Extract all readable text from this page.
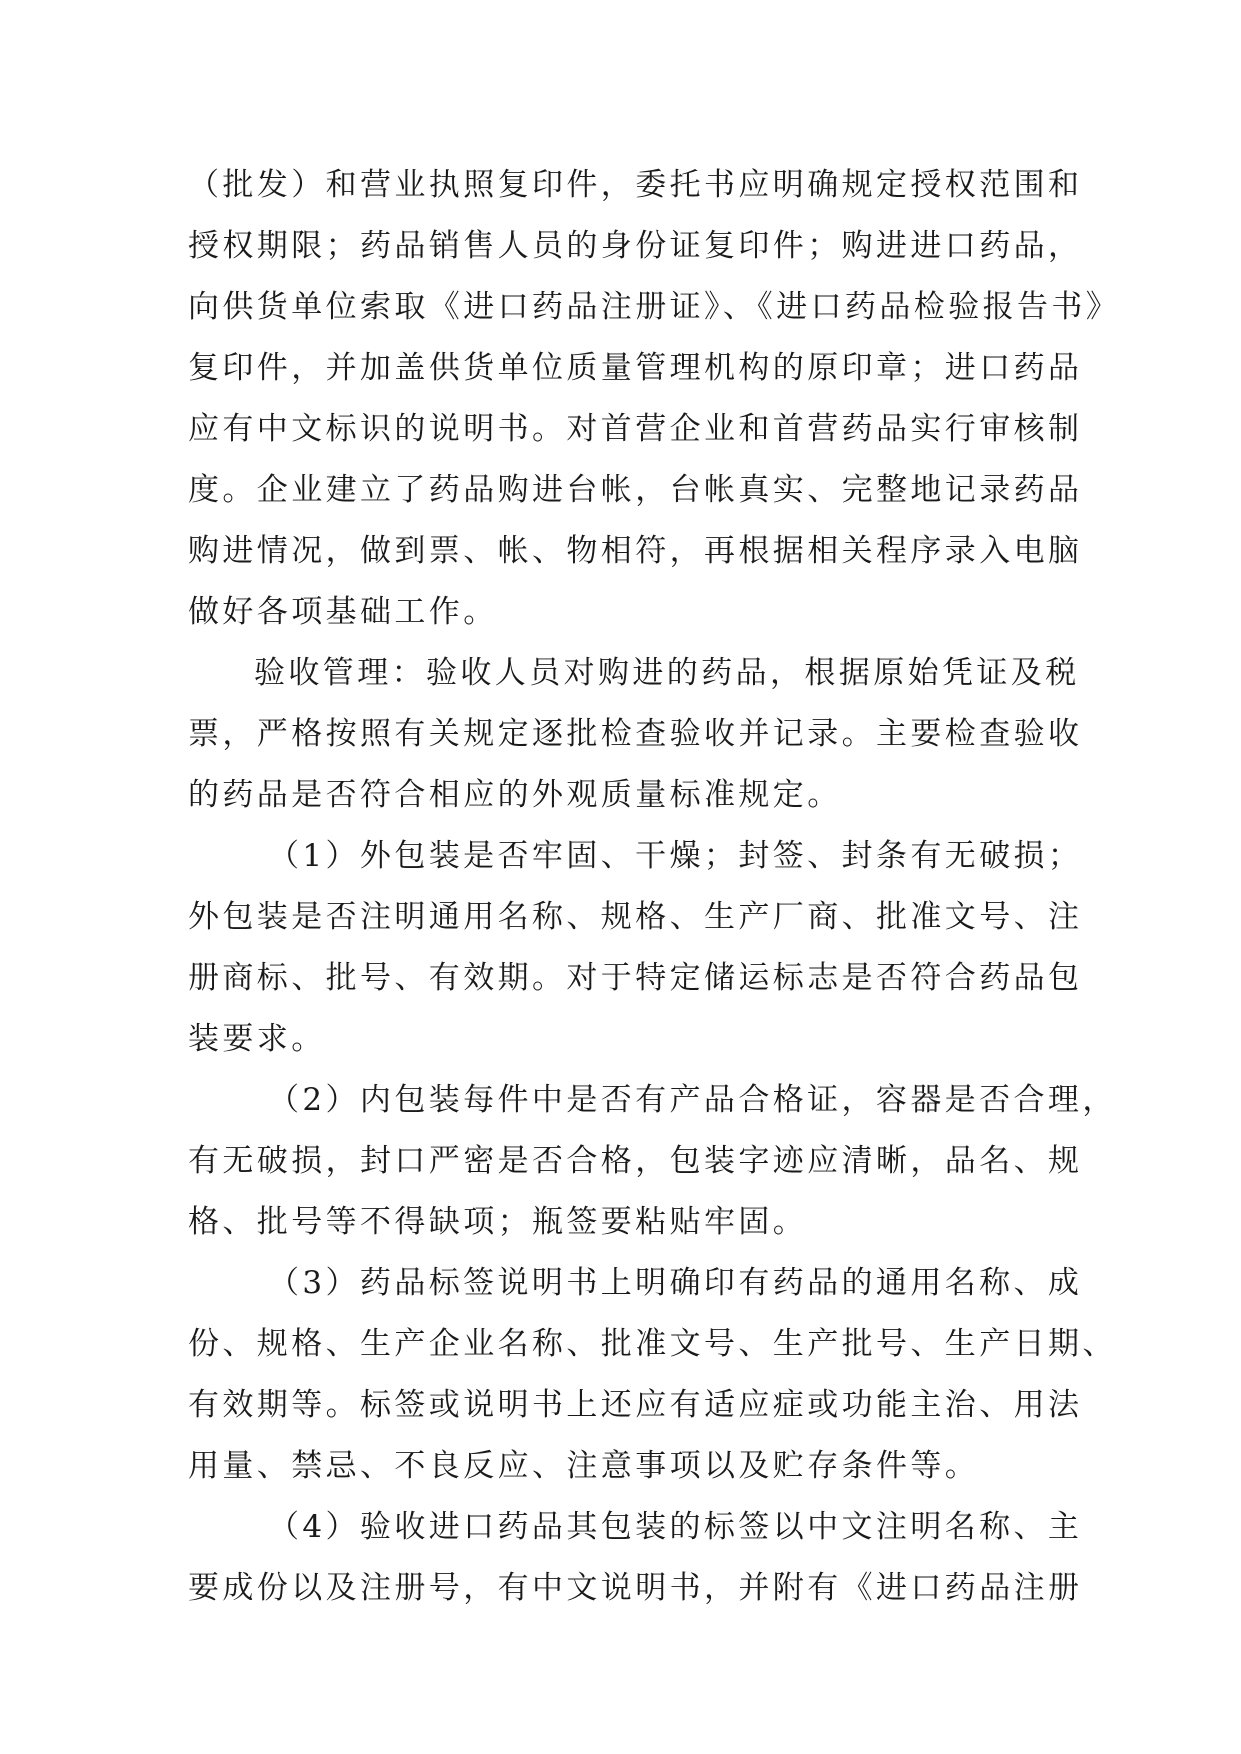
（批发）和营业执照复印件，委托书应明确规定授权范围和
授权期限；药品销售人员的身份证复印件；购进进口药品，
向供货单位索取《进口药品注册证》、《进口药品检验报告书》
复印件，并加盖供货单位质量管理机构的原印章；进口药品
应有中文标识的说明书。对首营企业和首营药品实行审核制
度。企业建立了药品购进台帐，台帐真实、完整地记录药品
购进情况，做到票、帐、物相符，再根据相关程序录入电脑
做好各项基础工作。
验收管理：验收人员对购进的药品，根据原始凭证及税
票，严格按照有关规定逐批检查验收并记录。主要检查验收
的药品是否符合相应的外观质量标准规定。
（1）外包装是否牢固、干燥；封签、封条有无破损；
外包装是否注明通用名称、规格、生产厂商、批准文号、注
册商标、批号、有效期。对于特定储运标志是否符合药品包
装要求。
（2）内包装每件中是否有产品合格证，容器是否合理，
有无破损，封口严密是否合格，包装字迹应清晰，品名、规
格、批号等不得缺项；瓶签要粘贴牢固。
（3）药品标签说明书上明确印有药品的通用名称、成
份、规格、生产企业名称、批准文号、生产批号、生产日期、
有效期等。标签或说明书上还应有适应症或功能主治、用法
用量、禁忌、不良反应、注意事项以及贮存条件等。
（4）验收进口药品其包装的标签以中文注明名称、主
要成份以及注册号，有中文说明书，并附有《进口药品注册
